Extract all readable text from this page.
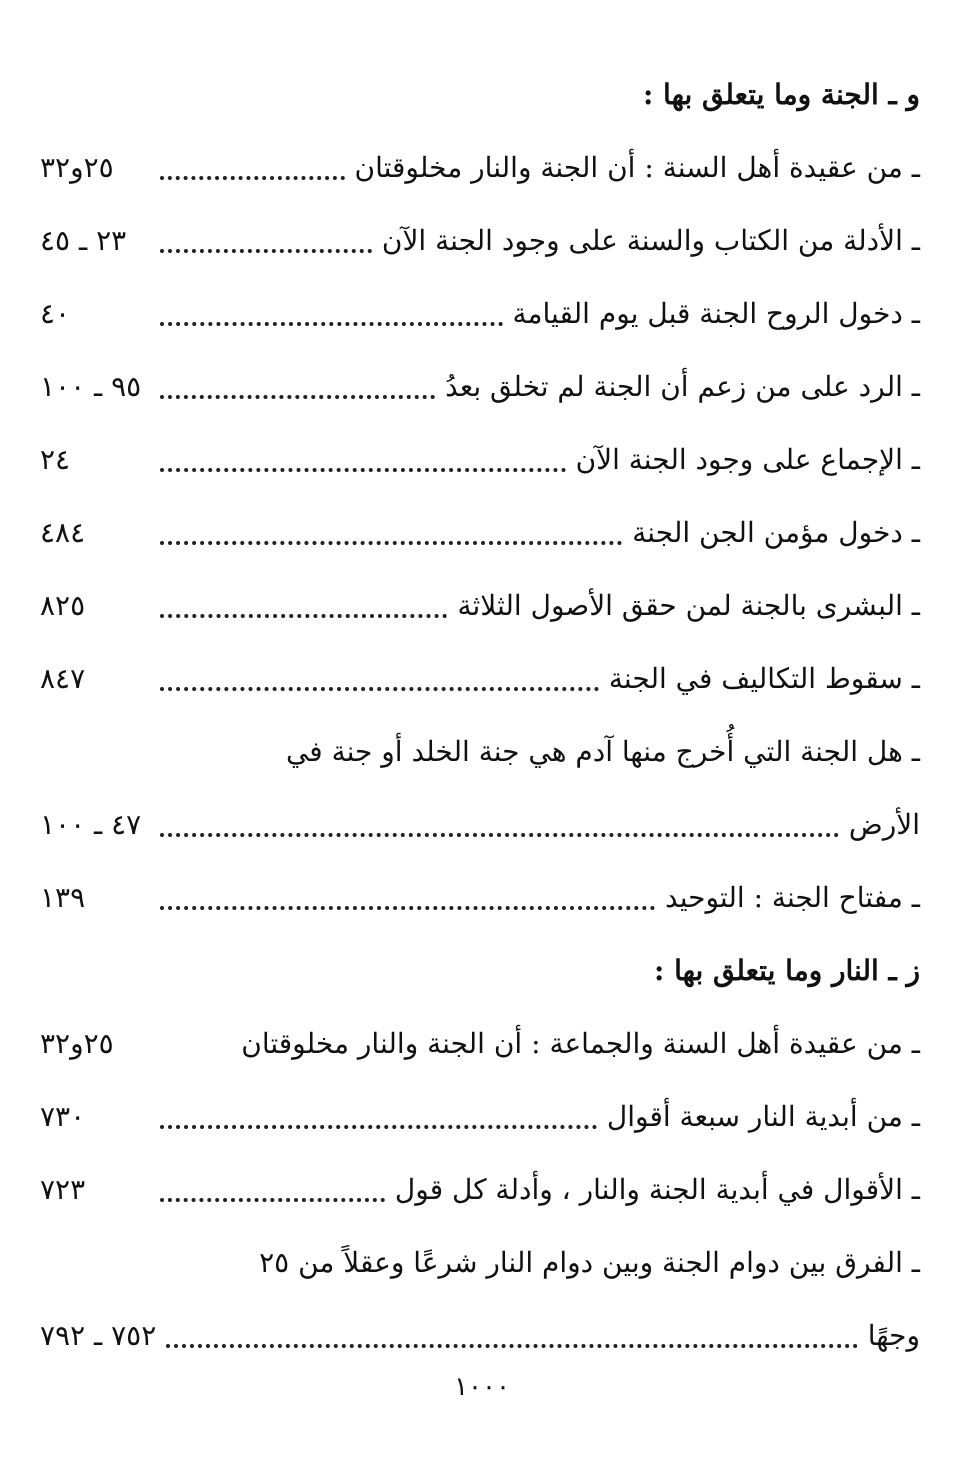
و ـ الجنة وما يتعلق بها :
ـ من عقيدة أهل السنة : أن الجنة والنار مخلوقتان
٢٥و٣٢
ـ الأدلة من الكتاب والسنة على وجود الجنة الآن
٢٣ ـ ٤٥
ـ دخول الروح الجنة قبل يوم القيامة
٤٠
ـ الرد على من زعم أن الجنة لم تخلق بعدُ
٩٥ ـ ١٠٠
ـ الإجماع على وجود الجنة الآن
٢٤
ـ دخول مؤمن الجن الجنة
٤٨٤
ـ البشرى بالجنة لمن حقق الأصول الثلاثة
٨٢٥
ـ سقوط التكاليف في الجنة
٨٤٧
ـ هل الجنة التي أُخرج منها آدم هي جنة الخلد أو جنة في
الأرض
٤٧ ـ ١٠٠
ـ مفتاح الجنة : التوحيد
١٣٩
ز ـ النار وما يتعلق بها :
ـ من عقيدة أهل السنة والجماعة : أن الجنة والنار مخلوقتان
٢٥و٣٢
ـ من أبدية النار سبعة أقوال
٧٣٠
ـ الأقوال في أبدية الجنة والنار ، وأدلة كل قول
٧٢٣
ـ الفرق بين دوام الجنة وبين دوام النار شرعًا وعقلاً من ٢٥
وجهًا
٧٥٢ ـ ٧٩٢
١٠٠٠
